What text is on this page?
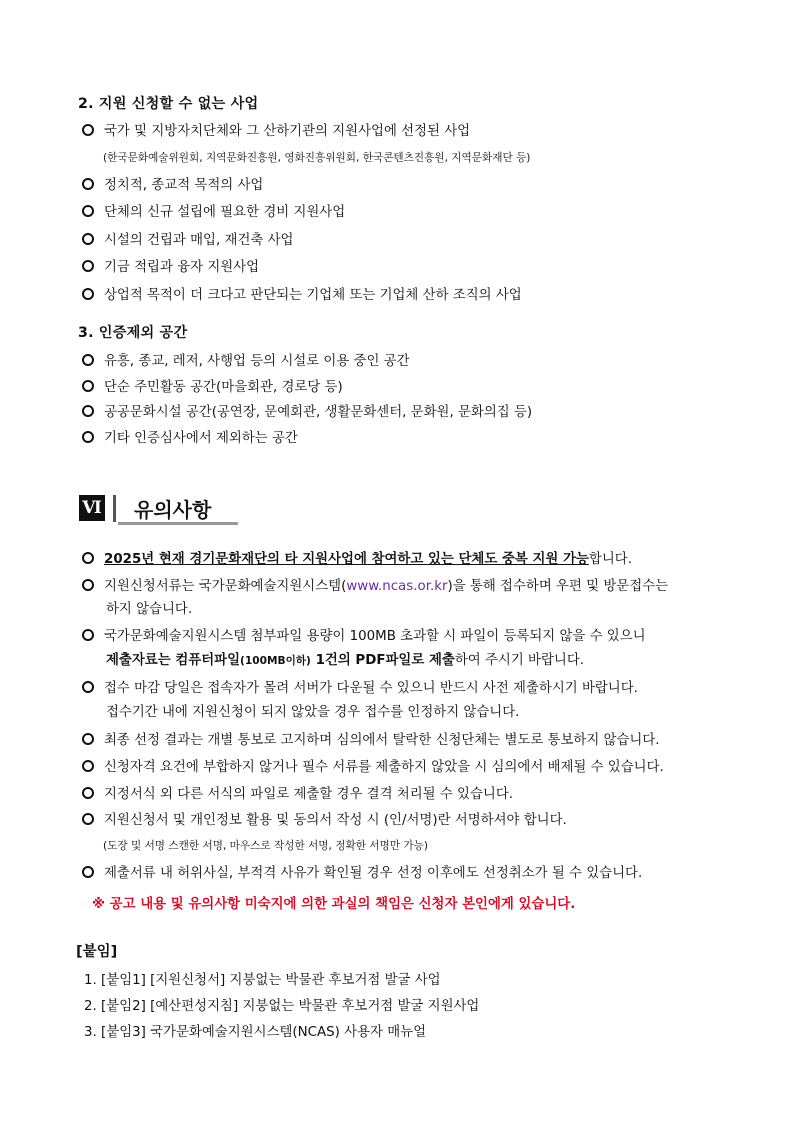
2. 지원 신청할 수 없는 사업
국가 및 지방자치단체와 그 산하기관의 지원사업에 선정된 사업
(한국문화예술위원회, 지역문화진흥원, 영화진흥위원회, 한국콘텐츠진흥원, 지역문화재단 등)
정치적, 종교적 목적의 사업
단체의 신규 설립에 필요한 경비 지원사업
시설의 건립과 매입, 재건축 사업
기금 적립과 융자 지원사업
상업적 목적이 더 크다고 판단되는 기업체 또는 기업체 산하 조직의 사업
3. 인증제외 공간
유흥, 종교, 레저, 사행업 등의 시설로 이용 중인 공간
단순 주민활동 공간(마을회관, 경로당 등)
공공문화시설 공간(공연장, 문예회관, 생활문화센터, 문화원, 문화의집 등)
기타 인증심사에서 제외하는 공간
Ⅵ 유의사항
2025년 현재 경기문화재단의 타 지원사업에 참여하고 있는 단체도 중복 지원 가능합니다.
지원신청서류는 국가문화예술지원시스템(www.ncas.or.kr)을 통해 접수하며 우편 및 방문접수는
하지 않습니다.
국가문화예술지원시스템 첨부파일 용량이 100MB 초과할 시 파일이 등록되지 않을 수 있으니
제출자료는 컴퓨터파일(100MB이하) 1건의 PDF파일로 제출하여 주시기 바랍니다.
접수 마감 당일은 접속자가 몰려 서버가 다운될 수 있으니 반드시 사전 제출하시기 바랍니다.
접수기간 내에 지원신청이 되지 않았을 경우 접수를 인정하지 않습니다.
최종 선정 결과는 개별 통보로 고지하며 심의에서 탈락한 신청단체는 별도로 통보하지 않습니다.
신청자격 요건에 부합하지 않거나 필수 서류를 제출하지 않았을 시 심의에서 배제될 수 있습니다.
지정서식 외 다른 서식의 파일로 제출할 경우 결격 처리될 수 있습니다.
지원신청서 및 개인정보 활용 및 동의서 작성 시 (인/서명)란 서명하셔야 합니다.
(도장 및 서명 스캔한 서명, 마우스로 작성한 서명, 정확한 서명만 가능)
제출서류 내 허위사실, 부적격 사유가 확인될 경우 선정 이후에도 선정취소가 될 수 있습니다.
※ 공고 내용 및 유의사항 미숙지에 의한 과실의 책임은 신청자 본인에게 있습니다.
[붙임]
1. [붙임1] [지원신청서] 지붕없는 박물관 후보거점 발굴 사업
2. [붙임2] [예산편성지침] 지붕없는 박물관 후보거점 발굴 지원사업
3. [붙임3] 국가문화예술지원시스템(NCAS) 사용자 매뉴얼
